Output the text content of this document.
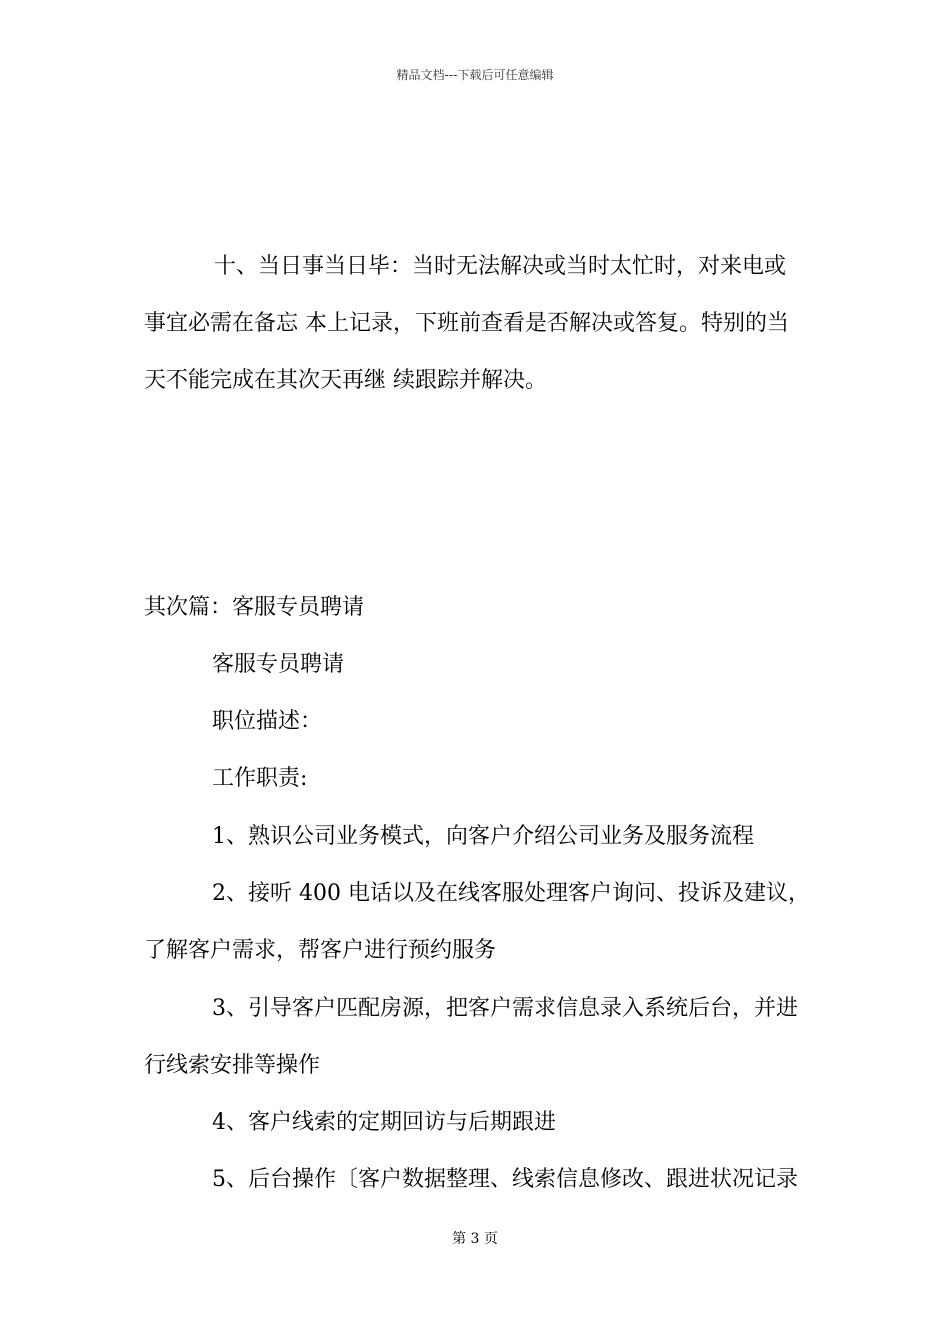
精品文档---下载后可任意编辑
十、当日事当日毕：当时无法解决或当时太忙时，对来电或
事宜必需在备忘 本上记录，下班前查看是否解决或答复。特别的当
天不能完成在其次天再继 续跟踪并解决。
其次篇：客服专员聘请
客服专员聘请
职位描述：
工作职责:
1、熟识公司业务模式，向客户介绍公司业务及服务流程
2、接听 400 电话以及在线客服处理客户询问、投诉及建议，
了解客户需求，帮客户进行预约服务
3、引导客户匹配房源，把客户需求信息录入系统后台，并进
行线索安排等操作
4、客户线索的定期回访与后期跟进
5、后台操作〔客户数据整理、线索信息修改、跟进状况记录
第 3 页
